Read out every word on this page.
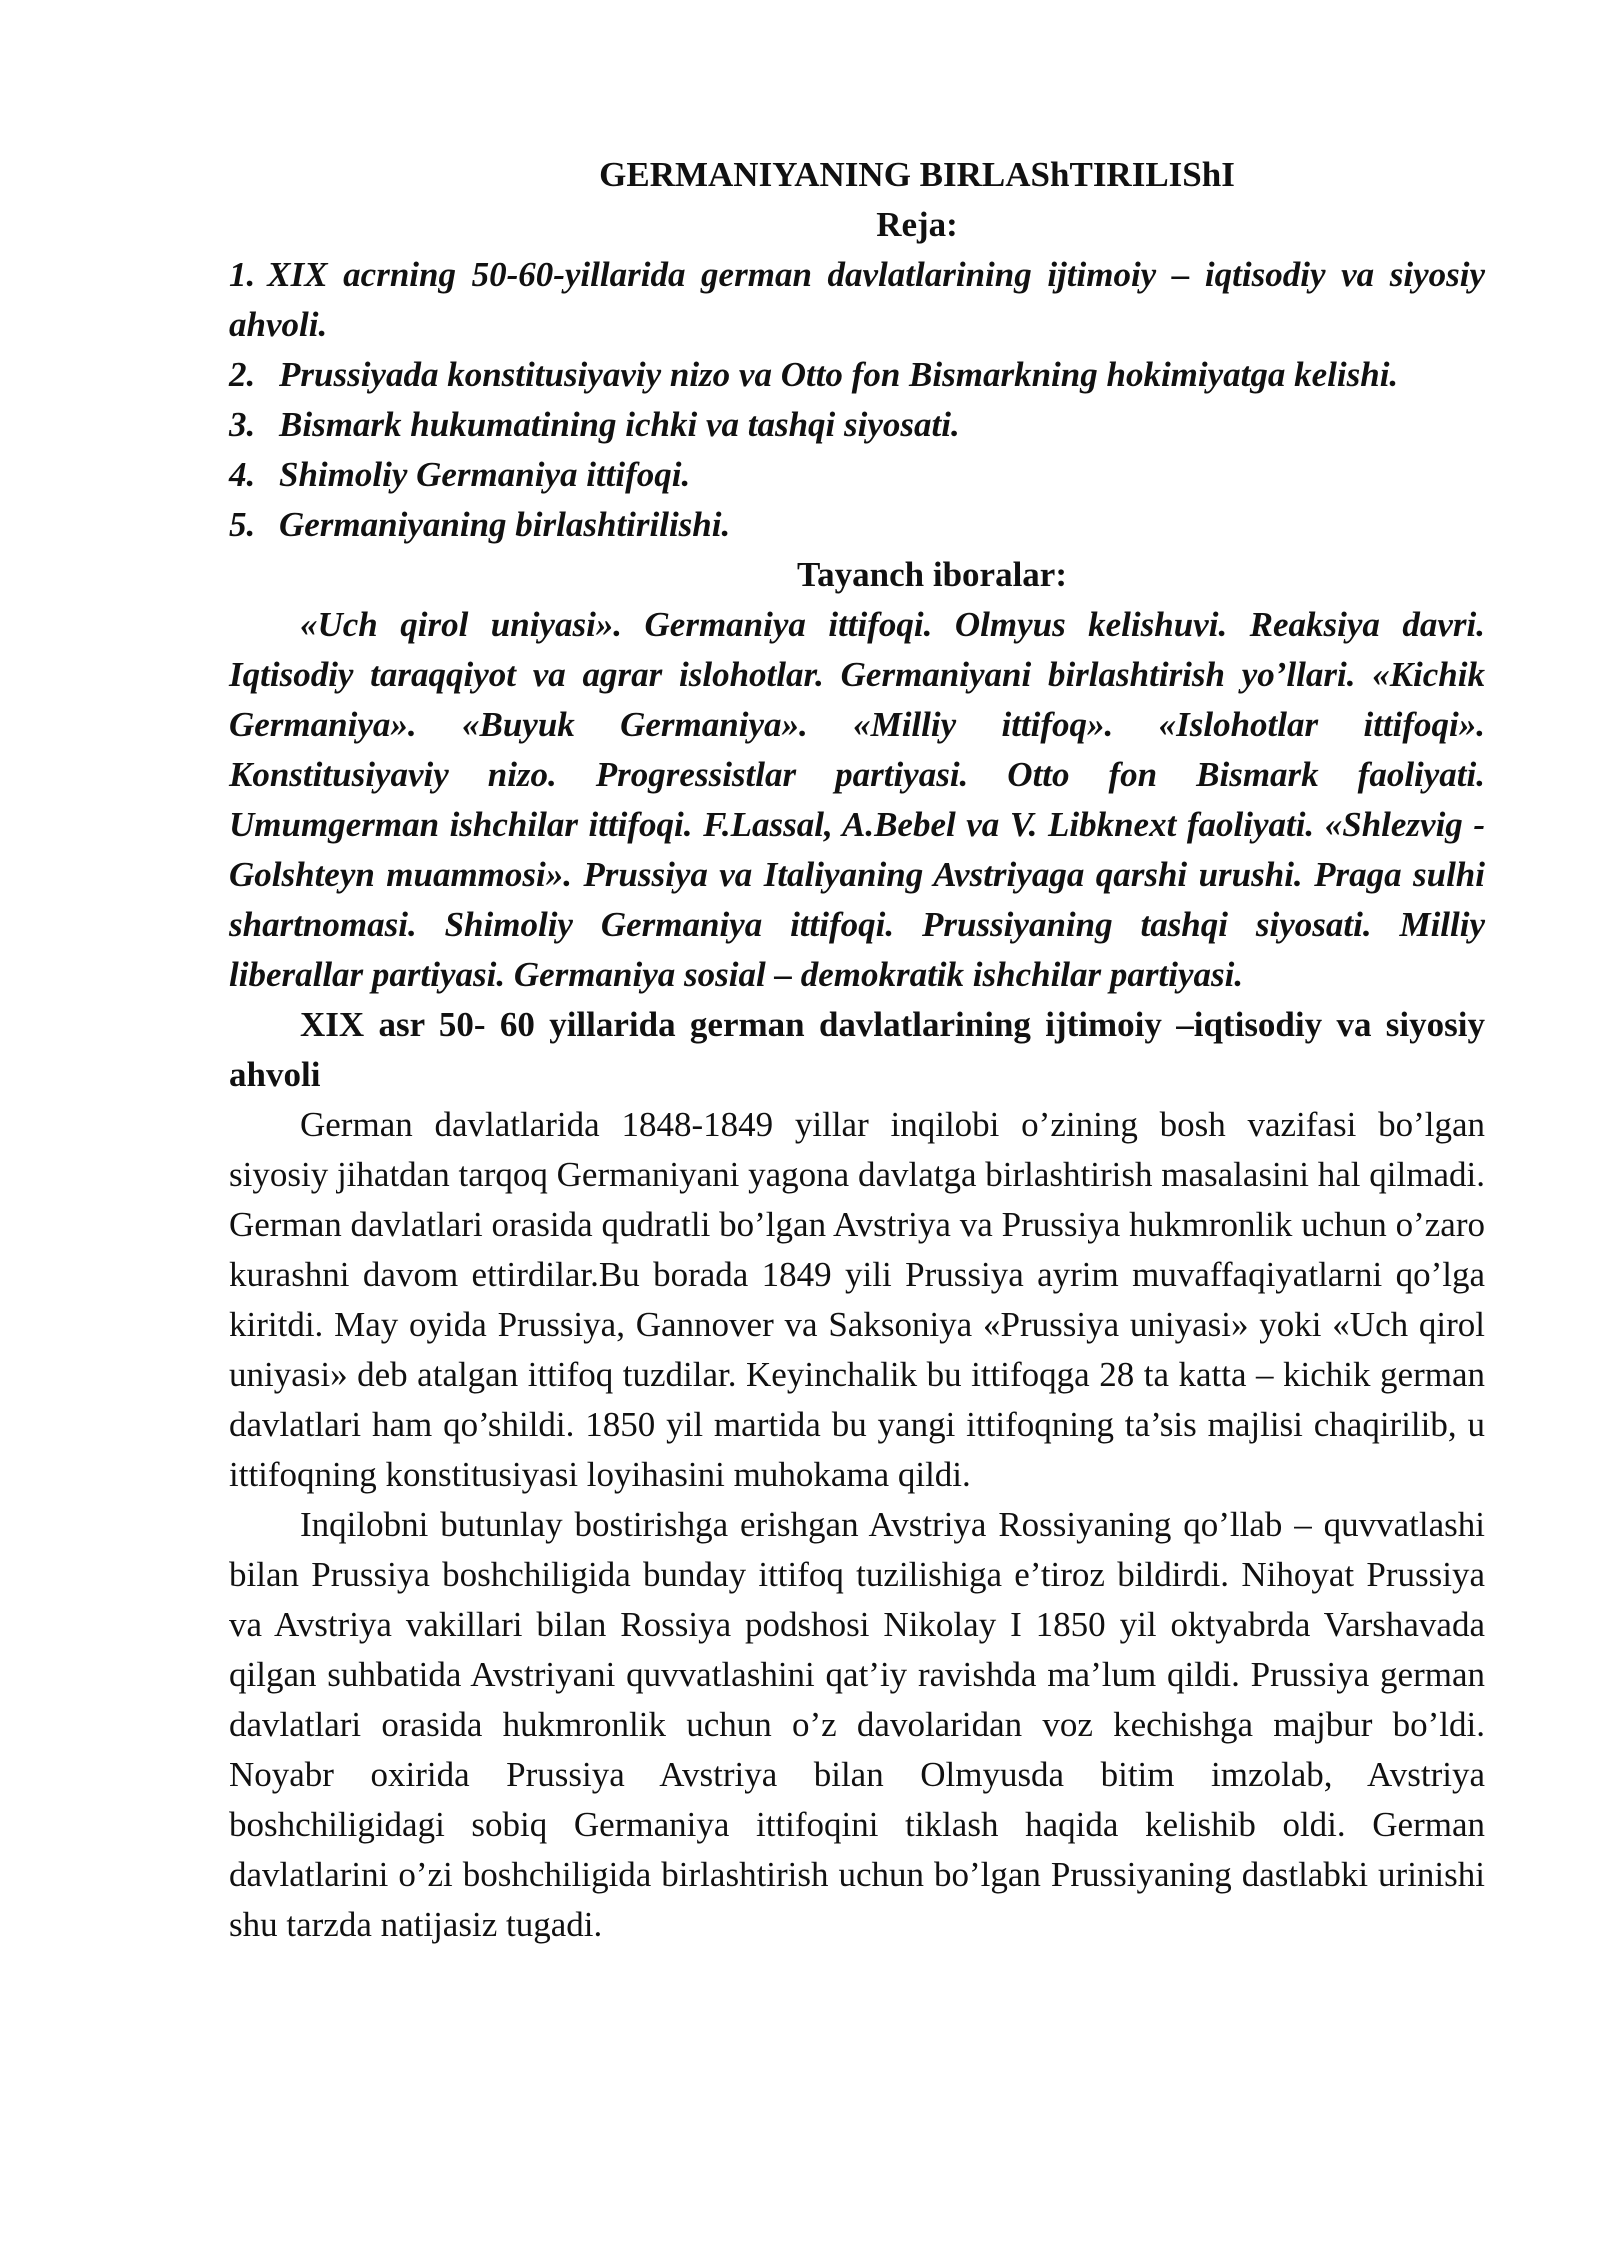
GERMANIYANING BIRLAShTIRILIShI
Reja:
1. XIX acrning 50-60-yillarida german davlatlarining ijtimoiy – iqtisodiy va siyosiy ahvoli.
2. Prussiyada konstitusiyaviy nizo va Otto fon Bismarkning hokimiyatga kelishi.
3. Bismark hukumatining ichki va tashqi siyosati.
4. Shimoliy Germaniya ittifoqi.
5. Germaniyaning birlashtirilishi.
Tayanch iboralar:
«Uch qirol uniyasi». Germaniya ittifoqi. Olmyus kelishuvi. Reaksiya davri. Iqtisodiy taraqqiyot va agrar islohotlar. Germaniyani birlashtirish yo’llari. «Kichik Germaniya». «Buyuk Germaniya». «Milliy ittifoq». «Islohotlar ittifoqi». Konstitusiyaviy nizo. Progressistlar partiyasi. Otto fon Bismark faoliyati. Umumgerman ishchilar ittifoqi. F.Lassal, A.Bebel va V. Libknext faoliyati. «Shlezvig - Golshteyn muammosi». Prussiya va Italiyaning Avstriyaga qarshi urushi. Praga sulhi shartnomasi. Shimoliy Germaniya ittifoqi. Prussiyaning tashqi siyosati. Milliy liberallar partiyasi. Germaniya sosial – demokratik ishchilar partiyasi.
XIX asr 50- 60 yillarida german davlatlarining ijtimoiy –iqtisodiy va siyosiy ahvoli
German davlatlarida 1848-1849 yillar inqilobi o’zining bosh vazifasi bo’lgan siyosiy jihatdan tarqoq Germaniyani yagona davlatga birlashtirish masalasini hal qilmadi. German davlatlari orasida qudratli bo’lgan Avstriya va Prussiya hukmronlik uchun o’zaro kurashni davom ettirdilar.Bu borada 1849 yili Prussiya ayrim muvaffaqiyatlarni qo’lga kiritdi. May oyida Prussiya, Gannover va Saksoniya «Prussiya uniyasi» yoki «Uch qirol uniyasi» deb atalgan ittifoq tuzdilar. Keyinchalik bu ittifoqga 28 ta katta – kichik german davlatlari ham qo’shildi. 1850 yil martida bu yangi ittifoqning ta’sis majlisi chaqirilib, u ittifoqning konstitusiyasi loyihasini muhokama qildi.
Inqilobni butunlay bostirishga erishgan Avstriya Rossiyaning qo’llab – quvvatlashi bilan Prussiya boshchiligida bunday ittifoq tuzilishiga e’tiroz bildirdi. Nihoyat Prussiya va Avstriya vakillari bilan Rossiya podshosi Nikolay I 1850 yil oktyabrda Varshavada qilgan suhbatida Avstriyani quvvatlashini qat’iy ravishda ma’lum qildi. Prussiya german davlatlari orasida hukmronlik uchun o’z davolaridan voz kechishga majbur bo’ldi. Noyabr oxirida Prussiya Avstriya bilan Olmyusda bitim imzolab, Avstriya boshchiligidagi sobiq Germaniya ittifoqini tiklash haqida kelishib oldi. German davlatlarini o’zi boshchiligida birlashtirish uchun bo’lgan Prussiyaning dastlabki urinishi shu tarzda natijasiz tugadi.
